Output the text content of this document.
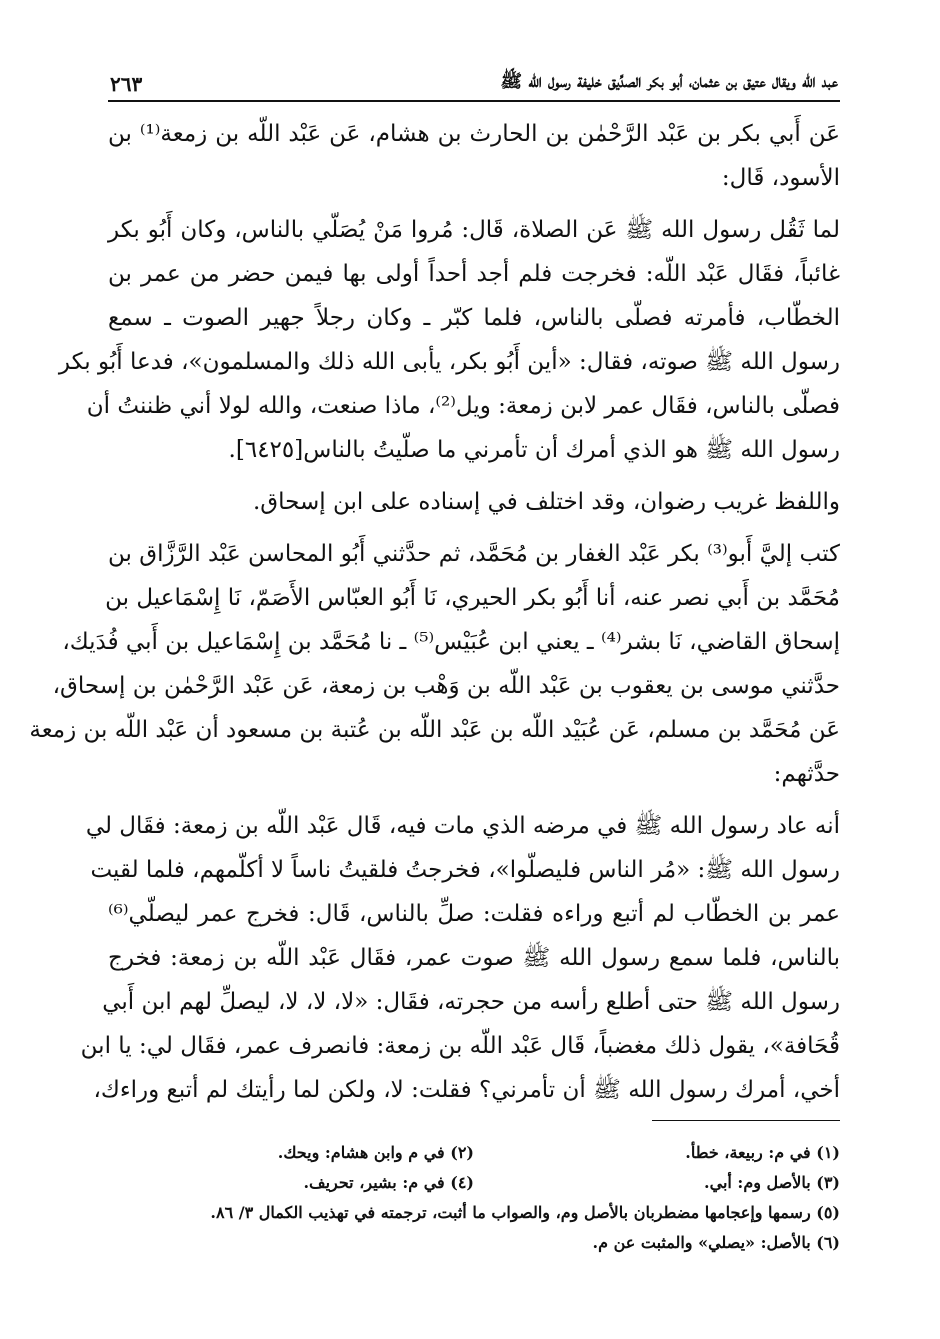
عبد الله ويقال عتيق بن عثمان، أبو بكر الصدِّيق خليفة رسول الله ﷺ
٢٦٣
عَن أَبي بكر بن عَبْد الرَّحْمٰن بن الحارث بن هشام، عَن عَبْد اللّه بن زمعة⁽¹⁾ بن
الأسود، قَال:
لما ثَقُل رسول الله ﷺ عَن الصلاة، قَال: مُروا مَنْ يُصَلّي بالناس، وكان أَبُو بكر
غائباً، فقَال عَبْد اللّه: فخرجت فلم أجد أحداً أولى بها فيمن حضر من عمر بن
الخطّاب، فأمرته فصلّى بالناس، فلما كبّر ـ وكان رجلاً جهير الصوت ـ سمع
رسول الله ﷺ صوته، فقال: «أين أَبُو بكر، يأبى الله ذلك والمسلمون»، فدعا أَبُو بكر
فصلّى بالناس، فقَال عمر لابن زمعة: ويل⁽²⁾، ماذا صنعت، والله لولا أني ظننتُ أن
رسول الله ﷺ هو الذي أمرك أن تأمرني ما صلّيتُ بالناس[٦٤٢٥].
واللفظ غريب رضوان، وقد اختلف في إسناده على ابن إسحاق.
كتب إليَّ أَبو⁽³⁾ بكر عَبْد الغفار بن مُحَمَّد، ثم حدَّثني أَبُو المحاسن عَبْد الرَّزَّاق بن
مُحَمَّد بن أَبي نصر عنه، أنا أَبُو بكر الحيري، نَا أَبُو العبّاس الأَصَمّ، نَا إِسْمَاعيل بن
إسحاق القاضي، نَا بشر⁽⁴⁾ ـ يعني ابن عُبَيْس⁽⁵⁾ ـ نا مُحَمَّد بن إِسْمَاعيل بن أَبي فُدَيك،
حدَّثني موسى بن يعقوب بن عَبْد اللّه بن وَهْب بن زمعة، عَن عَبْد الرَّحْمٰن بن إسحاق،
عَن مُحَمَّد بن مسلم، عَن عُبَيْد اللّه بن عَبْد اللّه بن عُتبة بن مسعود أن عَبْد اللّه بن زمعة
حدَّثهم:
أنه عاد رسول الله ﷺ في مرضه الذي مات فيه، قَال عَبْد اللّه بن زمعة: فقَال لي
رسول الله ﷺ: «مُر الناس فليصلّوا»، فخرجتُ فلقيتُ ناساً لا أكلّمهم، فلما لقيت
عمر بن الخطّاب لم أتبع وراءه فقلت: صلِّ بالناس، قَال: فخرج عمر ليصلّي⁽⁶⁾
بالناس، فلما سمع رسول الله ﷺ صوت عمر، فقَال عَبْد اللّه بن زمعة: فخرج
رسول الله ﷺ حتى أطلع رأسه من حجرته، فقَال: «لا، لا، لا، ليصلِّ لهم ابن أَبي
قُحَافة»، يقول ذلك مغضباً، قَال عَبْد اللّه بن زمعة: فانصرف عمر، فقَال لي: يا ابن
أخي، أمرك رسول الله ﷺ أن تأمرني؟ فقلت: لا، ولكن لما رأيتك لم أتبع وراءك،
(١) في م: ربيعة، خطأ.
(٢) في م وابن هشام: ويحك.
(٣) بالأصل وم: أبي.
(٤) في م: بشير، تحريف.
(٥) رسمها وإعجامها مضطربان بالأصل وم، والصواب ما أثبت، ترجمته في تهذيب الكمال ٣/ ٨٦.
(٦) بالأصل: «يصلي» والمثبت عن م.
